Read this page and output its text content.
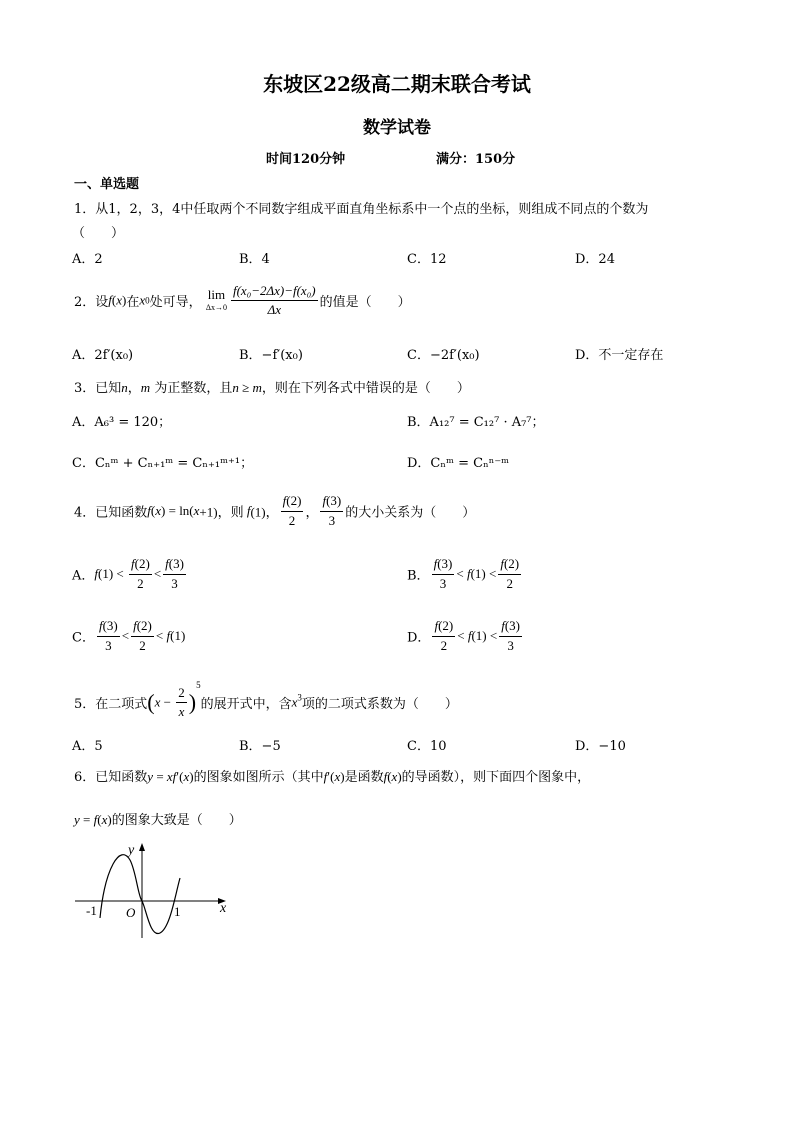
东坡区22级高二期末联合考试
数学试卷
时间120分钟	满分：150分
一、单选题
1．从1，2，3，4中任取两个不同数字组成平面直角坐标系中一个点的坐标，则组成不同点的个数为
（　　）
A．2	B．4	C．12	D．24
2．设f(x)在x0处可导，
lim
$\Delta x\to 0 \frac{\text{f(x₀−2Δx)−f(x₀)}}{\Delta x}$ 的值是（　　）
A．2f′(x₀)	B．−f′(x₀)	C．−2f′(x₀)	D．不一定存在
3．已知n，m 为正整数，且n ≥ m，则在下列各式中错误的是（　　）
A．A₆³ = 120；	B．A₁₂⁷ = C₁₂⁷ · A₇⁷；
C．Cₙᵐ + Cₙ₊₁ᵐ = Cₙ₊₁ᵐ⁺¹；	D．Cₙᵐ = Cₙⁿ⁻ᵐ
4．已知函数f(x) = ln(x+1)，则 f(1)， $\frac{f(2)}{2}$ ， $\frac{f(3)}{3}$ 的大小关系为（　　）
A．$f(1) < \frac{f(2)}{2} < \frac{f(3)}{3}$	B． $\frac{f(3)}{3} < f(1) < \frac{f(2)}{2}$
C． $\frac{f(3)}{3} < \frac{f(2)}{2} < f(1)$	D． $\frac{f(2)}{2} < f(1) < \frac{f(3)}{3}$
5．在二项式$(x - \frac{2}{x} )^5$的展开式中，含$x^3$项的二项式系数为（　　）
A．5	B．−5	C．10	D．−10
6．已知函数y = xf′(x)的图象如图所示（其中f′(x)是函数f(x)的导函数），则下面四个图象中，
y = f(x)的图象大致是（　　）
y
x
O
-1	1
